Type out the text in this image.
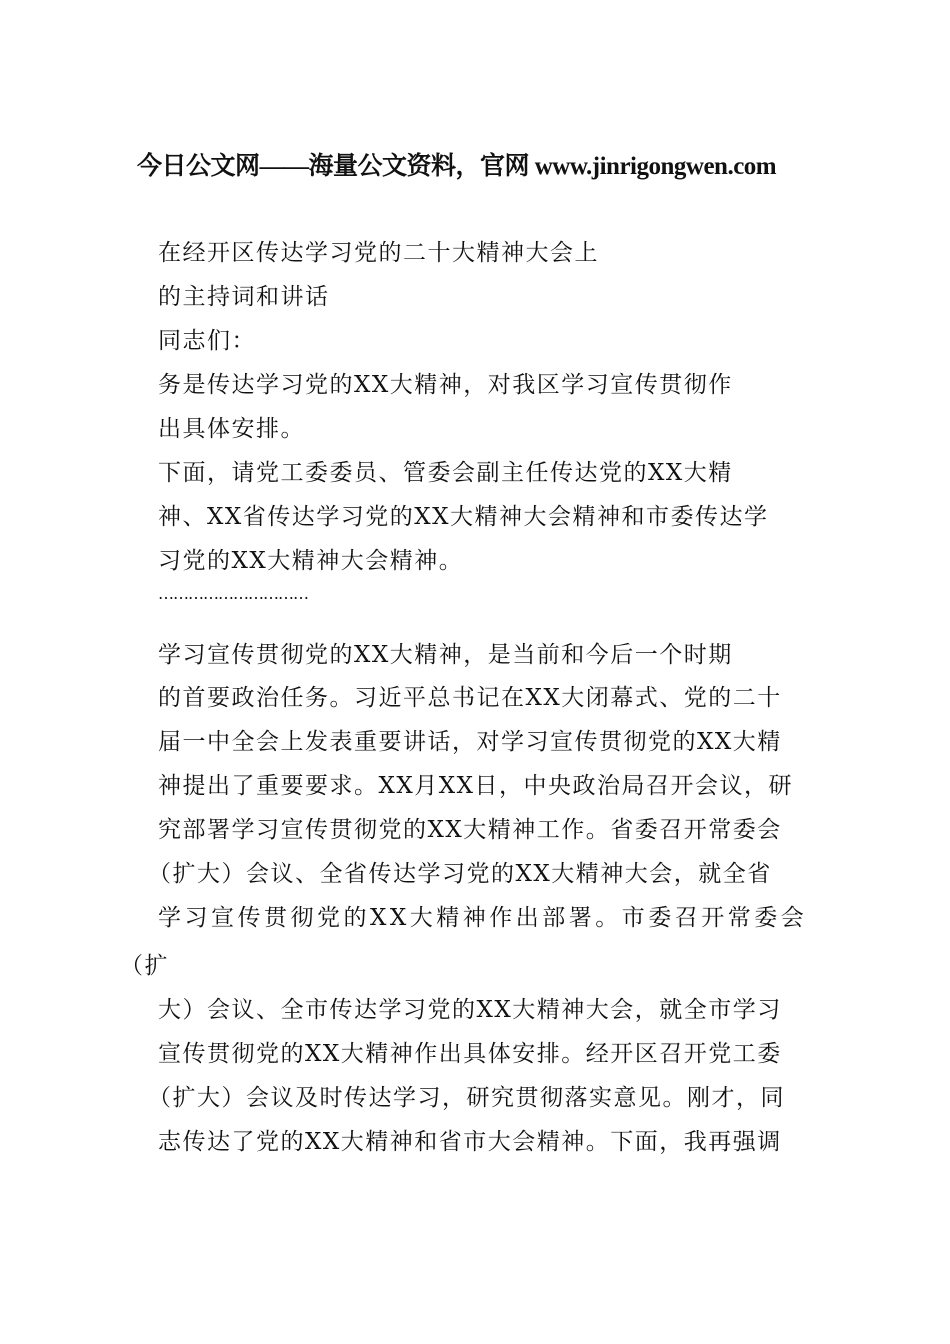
今日公文网——海量公文资料，官网 www.jinrigongwen.com
在经开区传达学习党的二十大精神大会上
的主持词和讲话
同志们：
务是传达学习党的XX大精神，对我区学习宣传贯彻作
出具体安排。
下面，请党工委委员、管委会副主任传达党的XX大精
神、XX省传达学习党的XX大精神大会精神和市委传达学
习党的XX大精神大会精神。
…………………………
学习宣传贯彻党的XX大精神，是当前和今后一个时期
的首要政治任务。习近平总书记在XX大闭幕式、党的二十
届一中全会上发表重要讲话，对学习宣传贯彻党的XX大精
神提出了重要要求。XX月XX日，中央政治局召开会议，研
究部署学习宣传贯彻党的XX大精神工作。省委召开常委会
（扩大）会议、全省传达学习党的XX大精神大会，就全省
学习宣传贯彻党的XX大精神作出部署。市委召开常委会
（扩
大）会议、全市传达学习党的XX大精神大会，就全市学习
宣传贯彻党的XX大精神作出具体安排。经开区召开党工委
（扩大）会议及时传达学习，研究贯彻落实意见。刚才，同
志传达了党的XX大精神和省市大会精神。下面，我再强调
